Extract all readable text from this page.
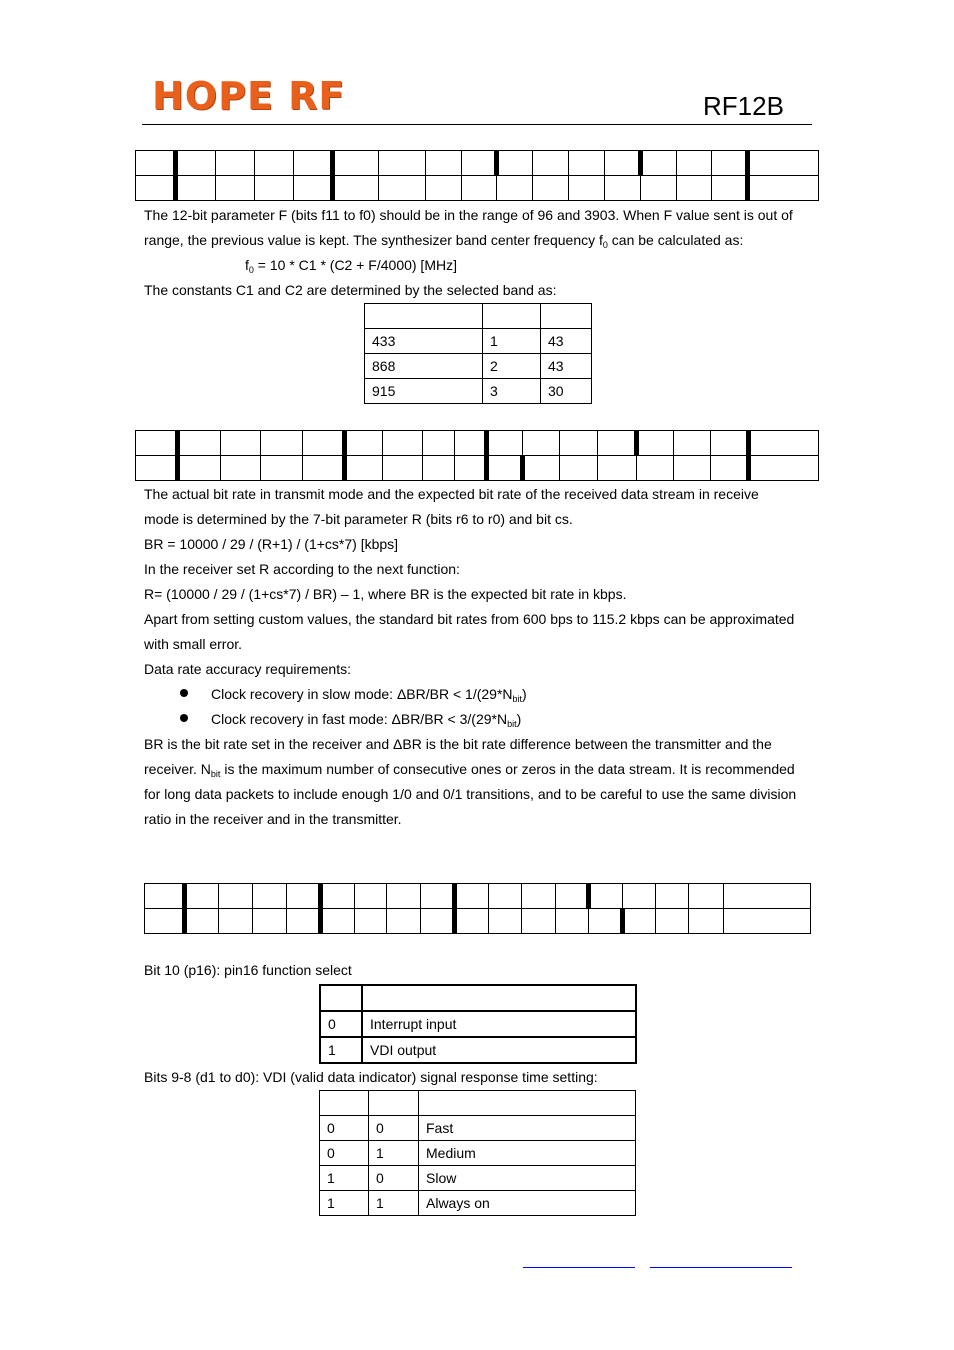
HOPE RF	RF12B

The 12-bit parameter F (bits f11 to f0) should be in the range of 96 and 3903. When F value sent is out of
range, the previous value is kept. The synthesizer band center frequency $f_0$ can be calculated as:
$f_0 = 10 * C1 * (C2 + F/4000)$ [MHz]
The constants C1 and C2 are determined by the selected band as:

433	1	43
868	2	43
915	3	30

The actual bit rate in transmit mode and the expected bit rate of the received data stream in receive
mode is determined by the 7-bit parameter R (bits r6 to r0) and bit cs.
BR = 10000 / 29 / (R+1) / (1+cs*7) [kbps]
In the receiver set R according to the next function:
R= (10000 / 29 / (1+cs*7) / BR) – 1, where BR is the expected bit rate in kbps.
Apart from setting custom values, the standard bit rates from 600 bps to 115.2 kbps can be approximated
with small error.
Data rate accuracy requirements:
Clock recovery in slow mode: $\Delta BR/BR < 1/(29*N_{bit})$
Clock recovery in fast mode: $\Delta BR/BR < 3/(29*N_{bit})$
BR is the bit rate set in the receiver and ΔBR is the bit rate difference between the transmitter and the
receiver. $N_{bit}$ is the maximum number of consecutive ones or zeros in the data stream. It is recommended
for long data packets to include enough 1/0 and 0/1 transitions, and to be careful to use the same division
ratio in the receiver and in the transmitter.

Bit 10 (p16): pin16 function select

0	Interrupt input
1	VDI output
Bits 9-8 (d1 to d0): VDI (valid data indicator) signal response time setting:

0	0	Fast
0	1	Medium
1	0	Slow
1	1	Always on
